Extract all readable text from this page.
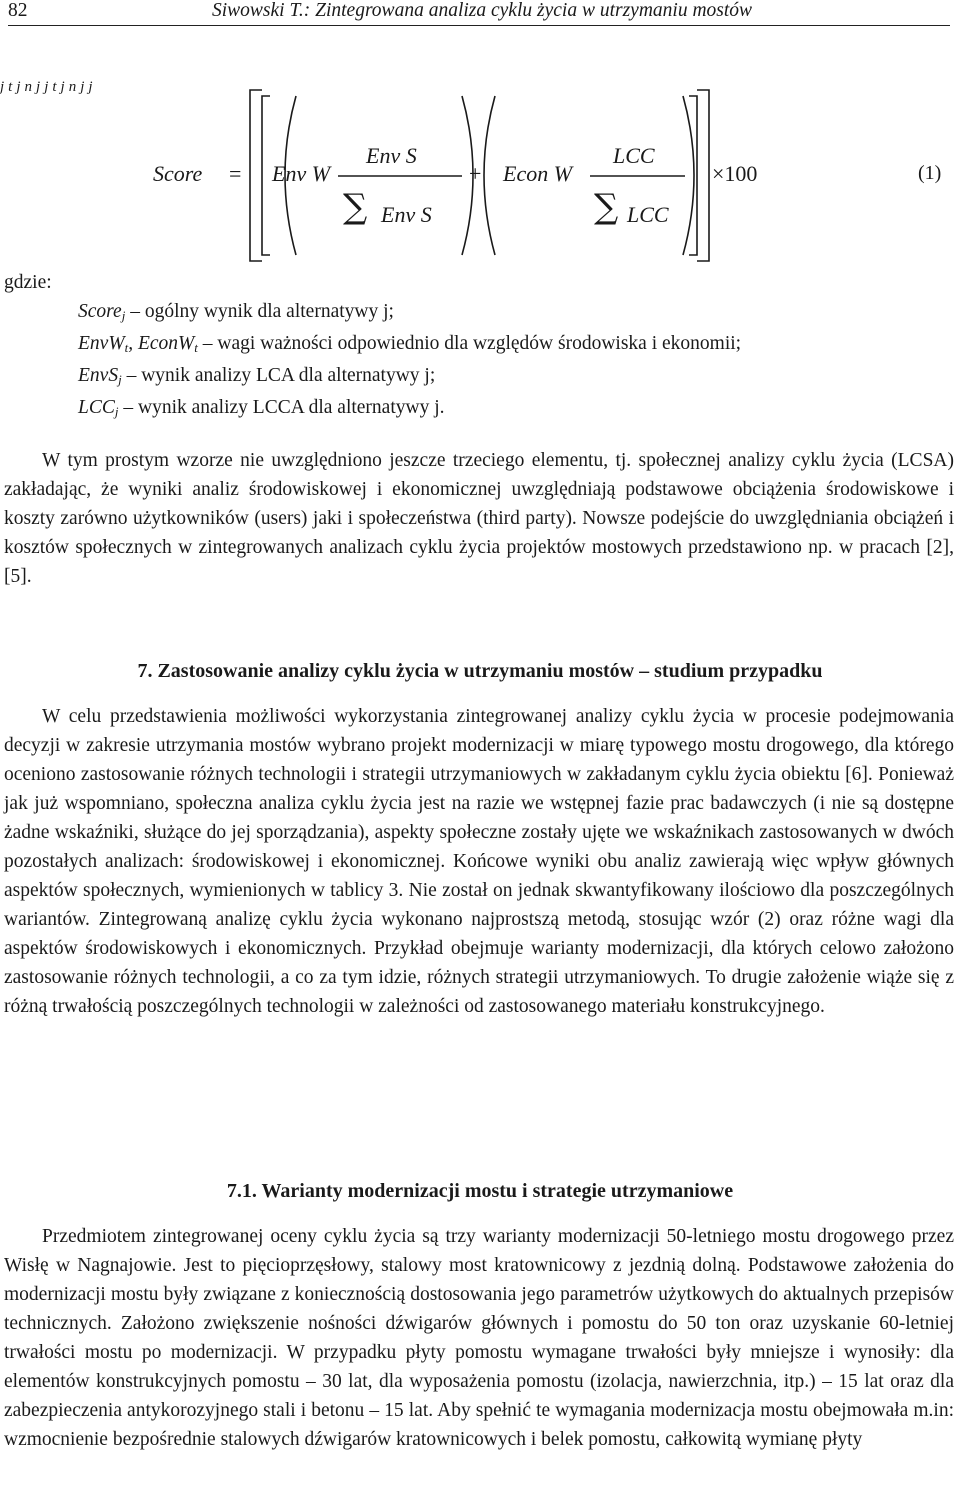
82	Siwowski T.: Zintegrowana analiza cyklu życia w utrzymaniu mostów
∑	∑
Score
j
= Env W
t
Env S
j n
Env S
j j
+ Econ W
t
LCC
j n
LCC
j j
×100	(1)
gdzie:
Scorej – ogólny wynik dla alternatywy j;
EnvWt, EconWt – wagi ważności odpowiednio dla względów środowiska i ekonomii;
EnvSj – wynik analizy LCA dla alternatywy j;
LCCj – wynik analizy LCCA dla alternatywy j.

W tym prostym wzorze nie uwzględniono jeszcze trzeciego elementu, tj. społecznej analizy cyklu życia (LCSA) zakładając, że wyniki analiz środowiskowej i ekonomicznej uwzględniają podstawowe obciążenia środowiskowe i koszty zarówno użytkowników (users) jaki i społeczeństwa (third party). Nowsze podejście do uwzględniania obciążeń i kosztów społecznych w zintegrowanych analizach cyklu życia projektów mostowych przedstawiono np. w pracach [2], [5].

7. Zastosowanie analizy cyklu życia w utrzymaniu mostów – studium przypadku

W celu przedstawienia możliwości wykorzystania zintegrowanej analizy cyklu życia w procesie podejmowania decyzji w zakresie utrzymania mostów wybrano projekt modernizacji w miarę typowego mostu drogowego, dla którego oceniono zastosowanie różnych technologii i strategii utrzymaniowych w zakładanym cyklu życia obiektu [6]. Ponieważ jak już wspomniano, społeczna analiza cyklu życia jest na razie we wstępnej fazie prac badawczych (i nie są dostępne żadne wskaźniki, służące do jej sporządzania), aspekty społeczne zostały ujęte we wskaźnikach zastosowanych w dwóch pozostałych analizach: środowiskowej i ekonomicznej. Końcowe wyniki obu analiz zawierają więc wpływ głównych aspektów społecznych, wymienionych w tablicy 3. Nie został on jednak skwantyfikowany ilościowo dla poszczególnych wariantów. Zintegrowaną analizę cyklu życia wykonano najprostszą metodą, stosując wzór (2) oraz różne wagi dla aspektów środowiskowych i ekonomicznych. Przykład obejmuje warianty modernizacji, dla których celowo założono zastosowanie różnych technologii, a co za tym idzie, różnych strategii utrzymaniowych. To drugie założenie wiąże się z różną trwałością poszczególnych technologii w zależności od zastosowanego materiału konstrukcyjnego.

7.1. Warianty modernizacji mostu i strategie utrzymaniowe

Przedmiotem zintegrowanej oceny cyklu życia są trzy warianty modernizacji 50-letniego mostu drogowego przez Wisłę w Nagnajowie. Jest to pięcioprzęsłowy, stalowy most kratownicowy z jezdnią dolną. Podstawowe założenia do modernizacji mostu były związane z koniecznością dostosowania jego parametrów użytkowych do aktualnych przepisów technicznych. Założono zwiększenie nośności dźwigarów głównych i pomostu do 50 ton oraz uzyskanie 60-letniej trwałości mostu po modernizacji. W przypadku płyty pomostu wymagane trwałości były mniejsze i wynosiły: dla elementów konstrukcyjnych pomostu – 30 lat, dla wyposażenia pomostu (izolacja, nawierzchnia, itp.) – 15 lat oraz dla zabezpieczenia antykorozyjnego stali i betonu – 15 lat. Aby spełnić te wymagania modernizacja mostu obejmowała m.in: wzmocnienie bezpośrednie stalowych dźwigarów kratownicowych i belek pomostu, całkowitą wymianę płyty
